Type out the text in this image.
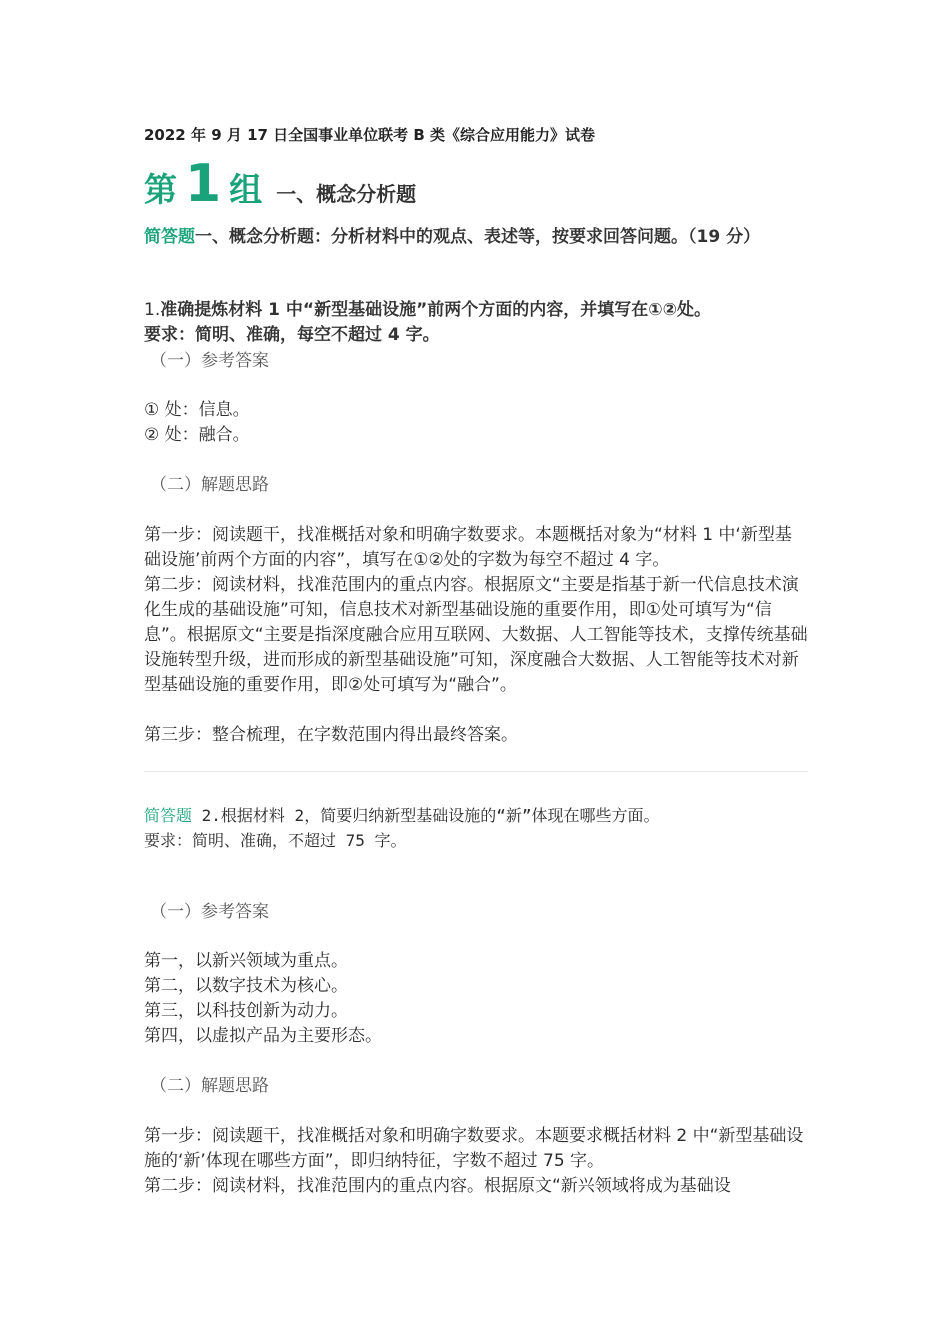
2022 年 9 月 17 日全国事业单位联考 B 类《综合应用能力》试卷
第 1 组 一、概念分析题
简答题一、概念分析题：分析材料中的观点、表述等，按要求回答问题。（19 分）
1.准确提炼材料 1 中“新型基础设施”前两个方面的内容，并填写在①②处。
要求：简明、准确，每空不超过 4 字。
（一）参考答案
① 处：信息。
② 处：融合。
（二）解题思路
第一步：阅读题干，找准概括对象和明确字数要求。本题概括对象为“材料 1 中‘新型基础设施’前两个方面的内容”，填写在①②处的字数为每空不超过 4 字。
第二步：阅读材料，找准范围内的重点内容。根据原文“主要是指基于新一代信息技术演化生成的基础设施”可知，信息技术对新型基础设施的重要作用，即①处可填写为“信息”。根据原文“主要是指深度融合应用互联网、大数据、人工智能等技术，支撑传统基础设施转型升级，进而形成的新型基础设施”可知，深度融合大数据、人工智能等技术对新型基础设施的重要作用，即②处可填写为“融合”。
第三步：整合梳理，在字数范围内得出最终答案。
简答题 2.根据材料 2，简要归纳新型基础设施的“新”体现在哪些方面。
要求：简明、准确，不超过 75 字。
（一）参考答案
第一，以新兴领域为重点。
第二，以数字技术为核心。
第三，以科技创新为动力。
第四，以虚拟产品为主要形态。
（二）解题思路
第一步：阅读题干，找准概括对象和明确字数要求。本题要求概括材料 2 中“新型基础设施的‘新’体现在哪些方面”，即归纳特征，字数不超过 75 字。
第二步：阅读材料，找准范围内的重点内容。根据原文“新兴领域将成为基础设
